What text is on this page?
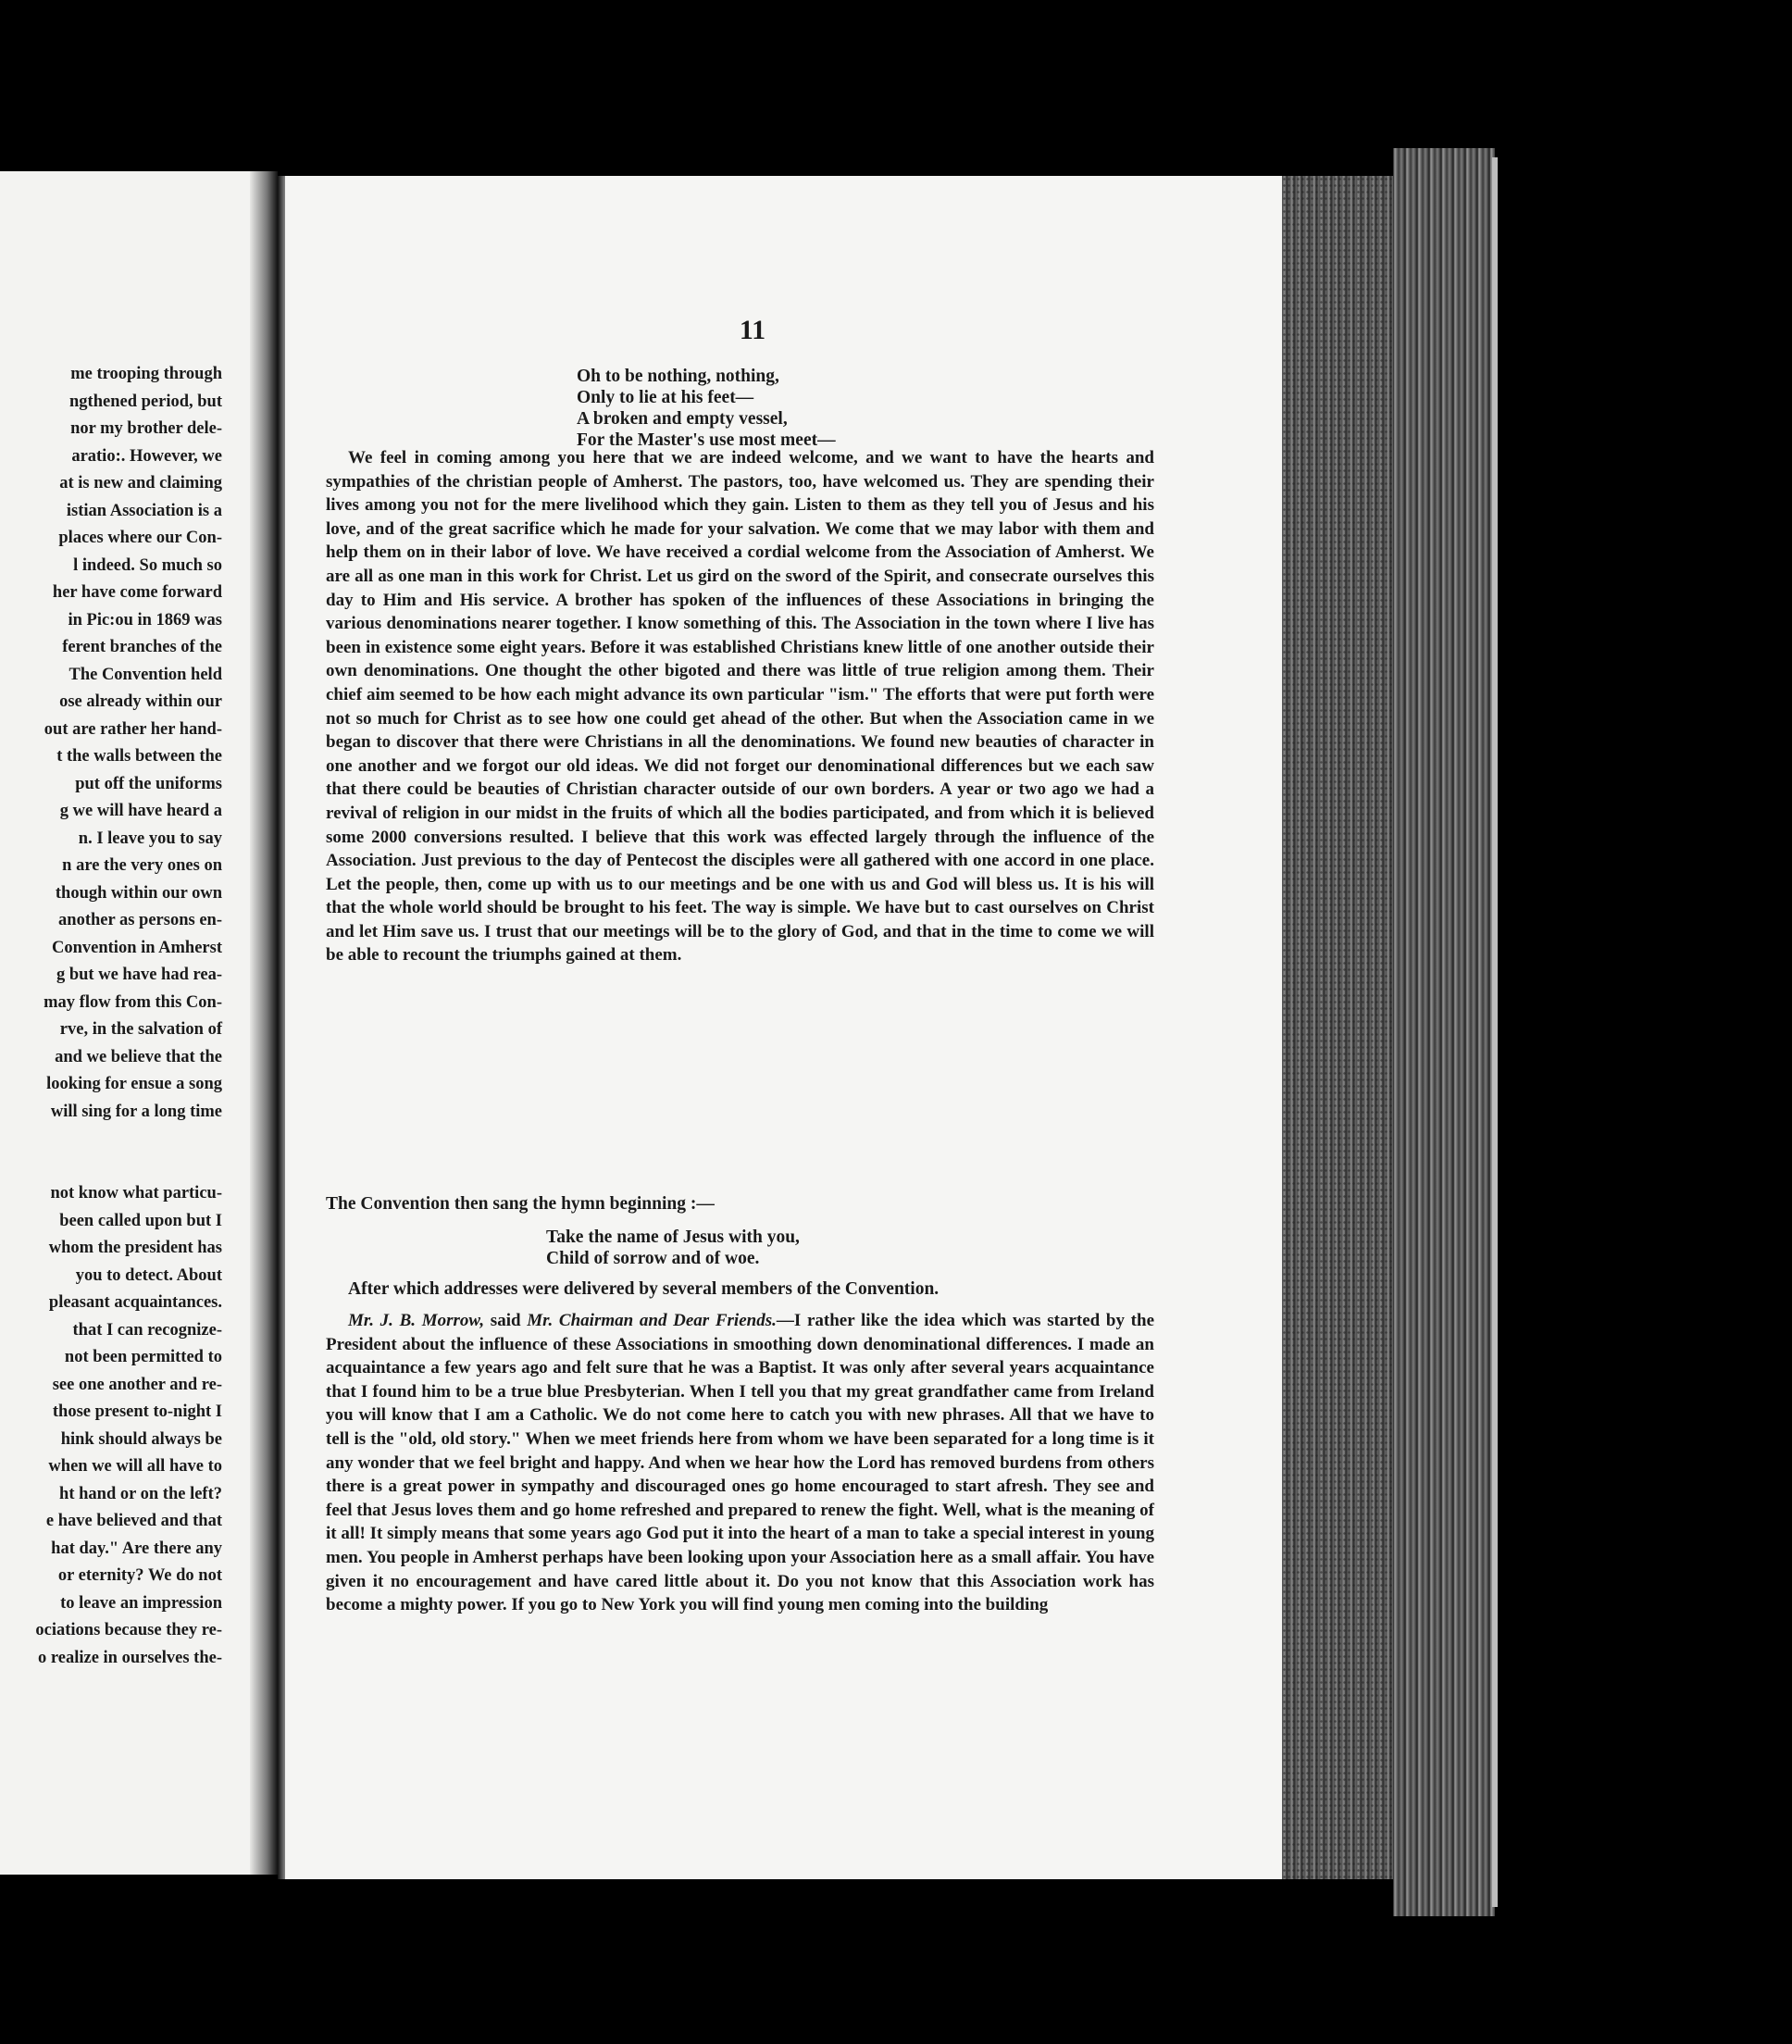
me trooping through
ngthened period, but
nor my brother dele-
aratio:. However, we
at is new and claiming
istian Association is a
places where our Con-
l indeed. So much so
her have come forward
in Pic:ou in 1869 was
ferent branches of the
The Convention held
ose already within our
out are rather her hand-
t the walls between the
put off the uniforms
g we will have heard a
n. I leave you to say
n are the very ones on
though within our own
another as persons en-
Convention in Amherst
g but we have had rea-
may flow from this Con-
rve, in the salvation of
and we believe that the
looking for ensue a song
will sing for a long time

not know what particu-
been called upon but I
whom the president has
you to detect. About
pleasant acquaintances.
that I can recognize-
not been permitted to
see one another and re-
those present to-night I
hink should always be
when we will all have to
ht hand or on the left?
e have believed and that
hat day." Are there any
or eternity? We do not
to leave an impression
ociations because they re-
o realize in ourselves the-
11
Oh to be nothing, nothing,
Only to lie at his feet—
A broken and empty vessel,
For the Master's use most meet—
We feel in coming among you here that we are indeed welcome, and we want to have the hearts and sympathies of the christian people of Amherst. The pastors, too, have welcomed us. They are spending their lives among you not for the mere livelihood which they gain. Listen to them as they tell you of Jesus and his love, and of the great sacrifice which he made for your salvation. We come that we may labor with them and help them on in their labor of love. We have received a cordial welcome from the Association of Amherst. We are all as one man in this work for Christ. Let us gird on the sword of the Spirit, and consecrate ourselves this day to Him and His service. A brother has spoken of the influences of these Associations in bringing the various denominations nearer together. I know something of this. The Association in the town where I live has been in existence some eight years. Before it was established Christians knew little of one another outside their own denominations. One thought the other bigoted and there was little of true religion among them. Their chief aim seemed to be how each might advance its own particular "ism." The efforts that were put forth were not so much for Christ as to see how one could get ahead of the other. But when the Association came in we began to discover that there were Christians in all the denominations. We found new beauties of character in one another and we forgot our old ideas. We did not forget our denominational differences but we each saw that there could be beauties of Christian character outside of our own borders. A year or two ago we had a revival of religion in our midst in the fruits of which all the bodies participated, and from which it is believed some 2000 conversions resulted. I believe that this work was effected largely through the influence of the Association. Just previous to the day of Pentecost the disciples were all gathered with one accord in one place. Let the people, then, come up with us to our meetings and be one with us and God will bless us. It is his will that the whole world should be brought to his feet. The way is simple. We have but to cast ourselves on Christ and let Him save us. I trust that our meetings will be to the glory of God, and that in the time to come we will be able to recount the triumphs gained at them.
The Convention then sang the hymn beginning :—
Take the name of Jesus with you,
Child of sorrow and of woe.
After which addresses were delivered by several members of the Convention.
Mr. J. B. Morrow, said Mr. Chairman and Dear Friends.—I rather like the idea which was started by the President about the influence of these Associations in smoothing down denominational differences. I made an acquaintance a few years ago and felt sure that he was a Baptist. It was only after several years acquaintance that I found him to be a true blue Presbyterian. When I tell you that my great grandfather came from Ireland you will know that I am a Catholic. We do not come here to catch you with new phrases. All that we have to tell is the "old, old story." When we meet friends here from whom we have been separated for a long time is it any wonder that we feel bright and happy. And when we hear how the Lord has removed burdens from others there is a great power in sympathy and discouraged ones go home encouraged to start afresh. They see and feel that Jesus loves them and go home refreshed and prepared to renew the fight. Well, what is the meaning of it all! It simply means that some years ago God put it into the heart of a man to take a special interest in young men. You people in Amherst perhaps have been looking upon your Association here as a small affair. You have given it no encouragement and have cared little about it. Do you not know that this Association work has become a mighty power. If you go to New York you will find young men coming into the building
